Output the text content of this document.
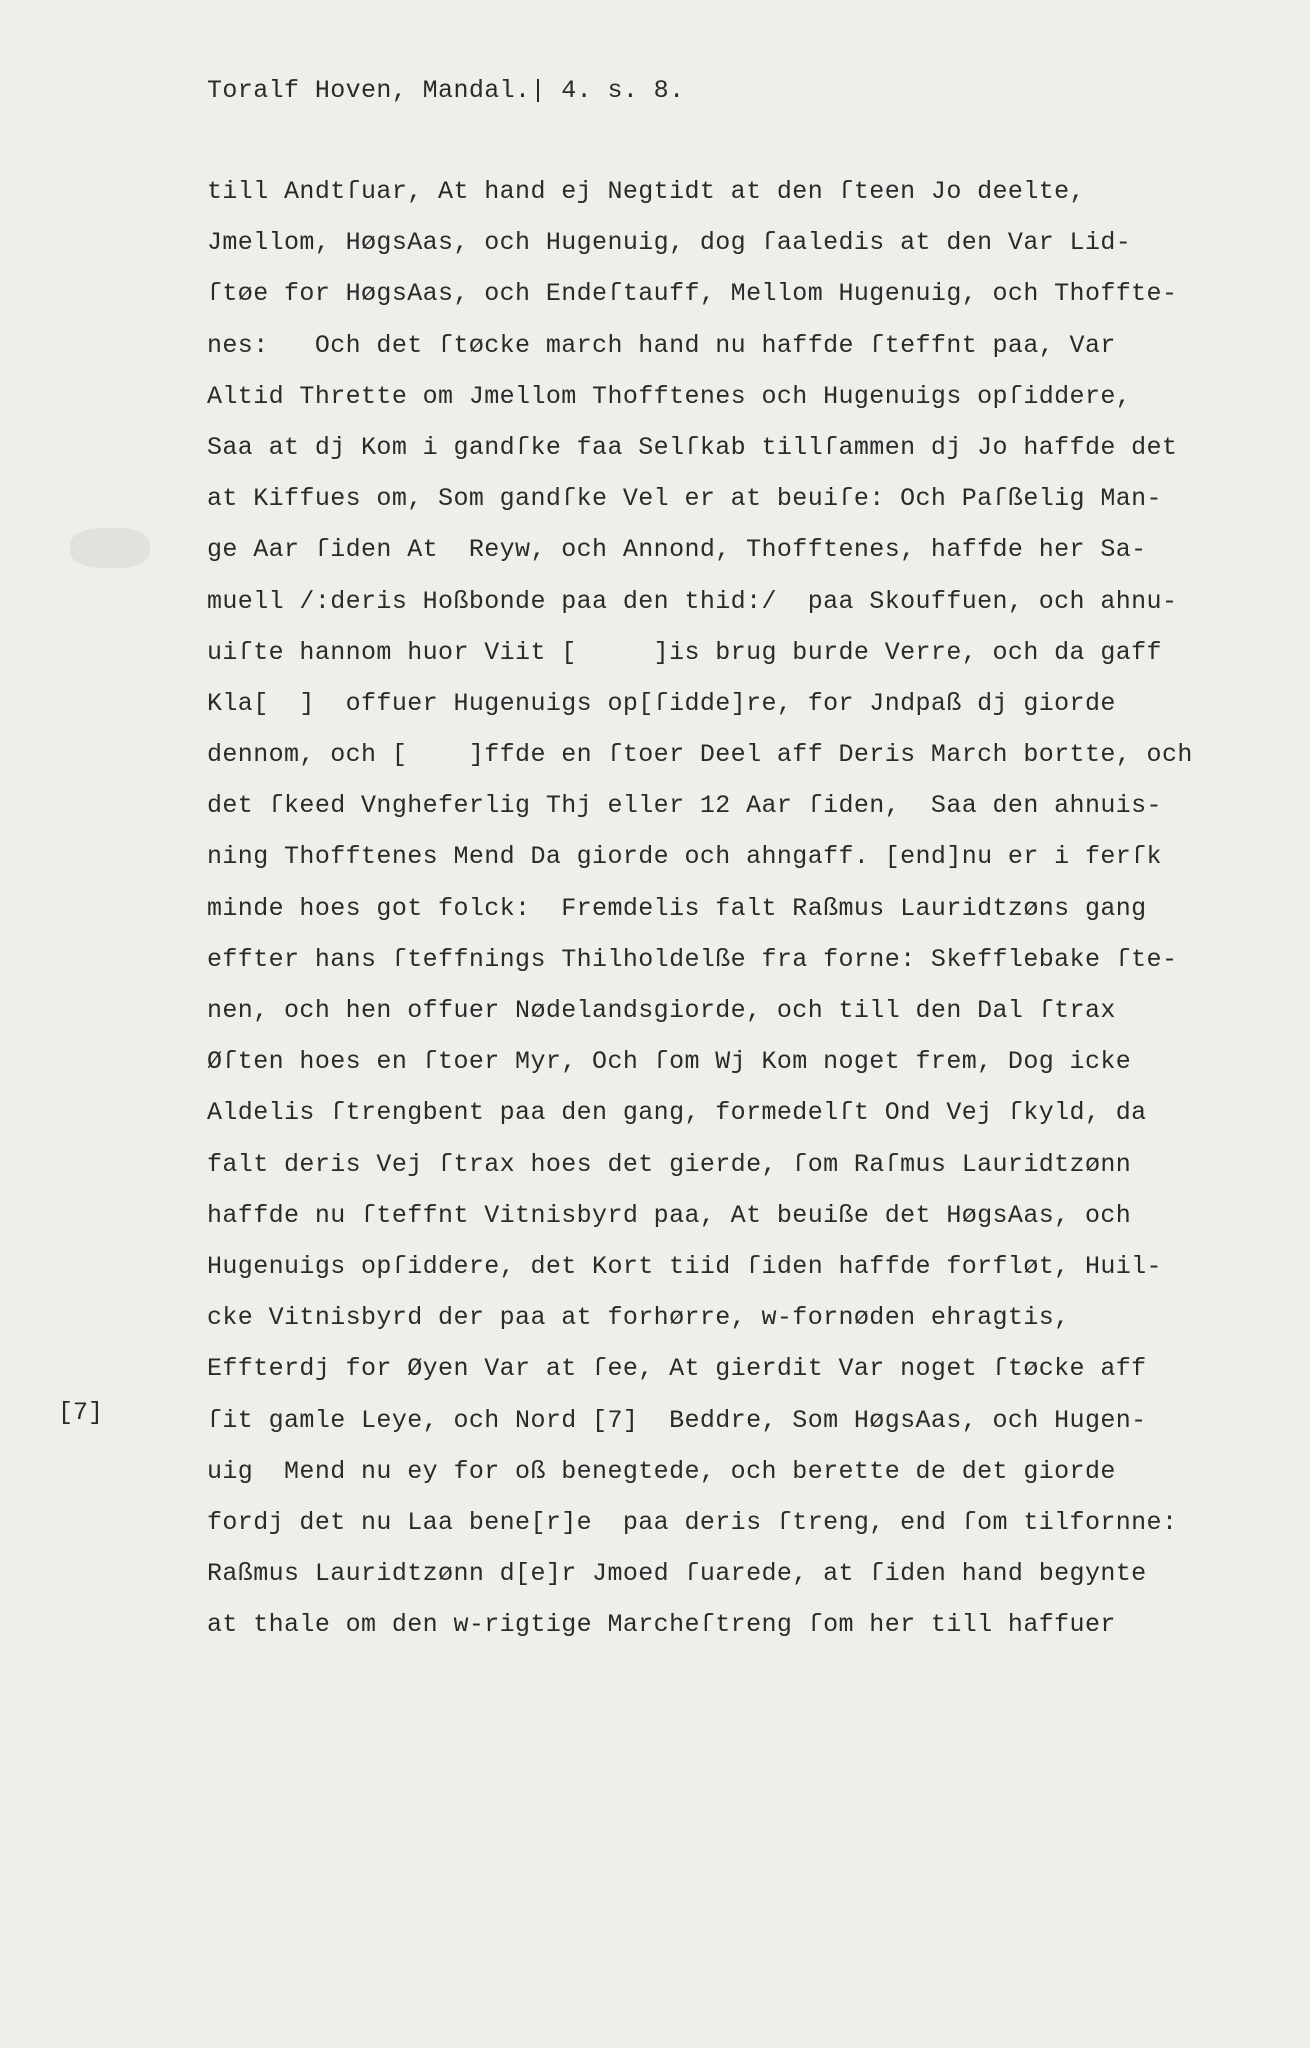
Toralf Hoven, Mandal.| 4. s. 8.
till Andtſuar, At hand ej Negtidt at den ſteen Jo deelte,
Jmellom, HøgsAas, och Hugenuig, dog ſaaledis at den Var Lid-
ſtøe for HøgsAas, och Endeſtauff, Mellom Hugenuig, och Thofftе-
nes:   Och det ſtøcke march hand nu haffde ſteffnt paa, Var
Altid Thrette om Jmellom Thofftenes och Hugenuigs opſiddere,
Saa at dj Kom i gandſke faa Selſkab tillſammen dj Jo haffde det
at Kiffues om, Som gandſke Vel er at beuiſe: Och Paſßelig Man-
ge Aar ſiden At  Reyw, och Annond, Thofftenes, haffde her Sa-
muell /:deris Hoßbonde paa den thid:/  paa Skouffuen, och ahnu-
uiſte hannom huor Viit [     ]is brug burde Verre, och da gaff
Kla[  ]  offuer Hugenuigs op[ſidde]re, for Jndpaß dj giorde
dennom, och [    ]ffde en ſtoer Deel aff Deris March bortte, och
det ſkeed Vngheferlig Thj eller 12 Aar ſiden,  Saa den ahnuis-
ning Thofftenes Mend Da giorde och ahngaff. [end]nu er i ferſk
minde hoes got folck:  Fremdelis falt Raßmus Lauridtzøns gang
effter hans ſteffnings Thilholdelße fra forne: Skefflebake ſte-
nen, och hen offuer Nødelandsgiorde, och till den Dal ſtrax
Øſten hoes en ſtoer Myr, Och ſom Wj Kom noget frem, Dog icke
Aldelis ſtrengbent paa den gang, formedelſt Ond Vej ſkyld, da
falt deris Vej ſtrax hoes det gierde, ſom Raſmus Lauridtzønn
haffde nu ſteffnt Vitnisbyrd paa, At beuiße det HøgsAas, och
Hugenuigs opſiddere, det Kort tiid ſiden haffde forfløt, Huil-
cke Vitnisbyrd der paa at forhørre, w-fornøden ehragtis,
Effterdj for Øyen Var at ſee, At gierdit Var noget ſtøcke aff
ſit gamle Leye, och Nord [7]  Beddre, Som HøgsAas, och Hugen-
uig  Mend nu ey for oß benegtede, och berette de det giorde
fordj det nu Laa bene[r]e  paa deris ſtreng, end ſom tilfornne:
Raßmus Lauridtzønn d[e]r Jmoed ſuarede, at ſiden hand begynte
at thale om den w-rigtige Marcheſtreng ſom her till haffuer
[7]
